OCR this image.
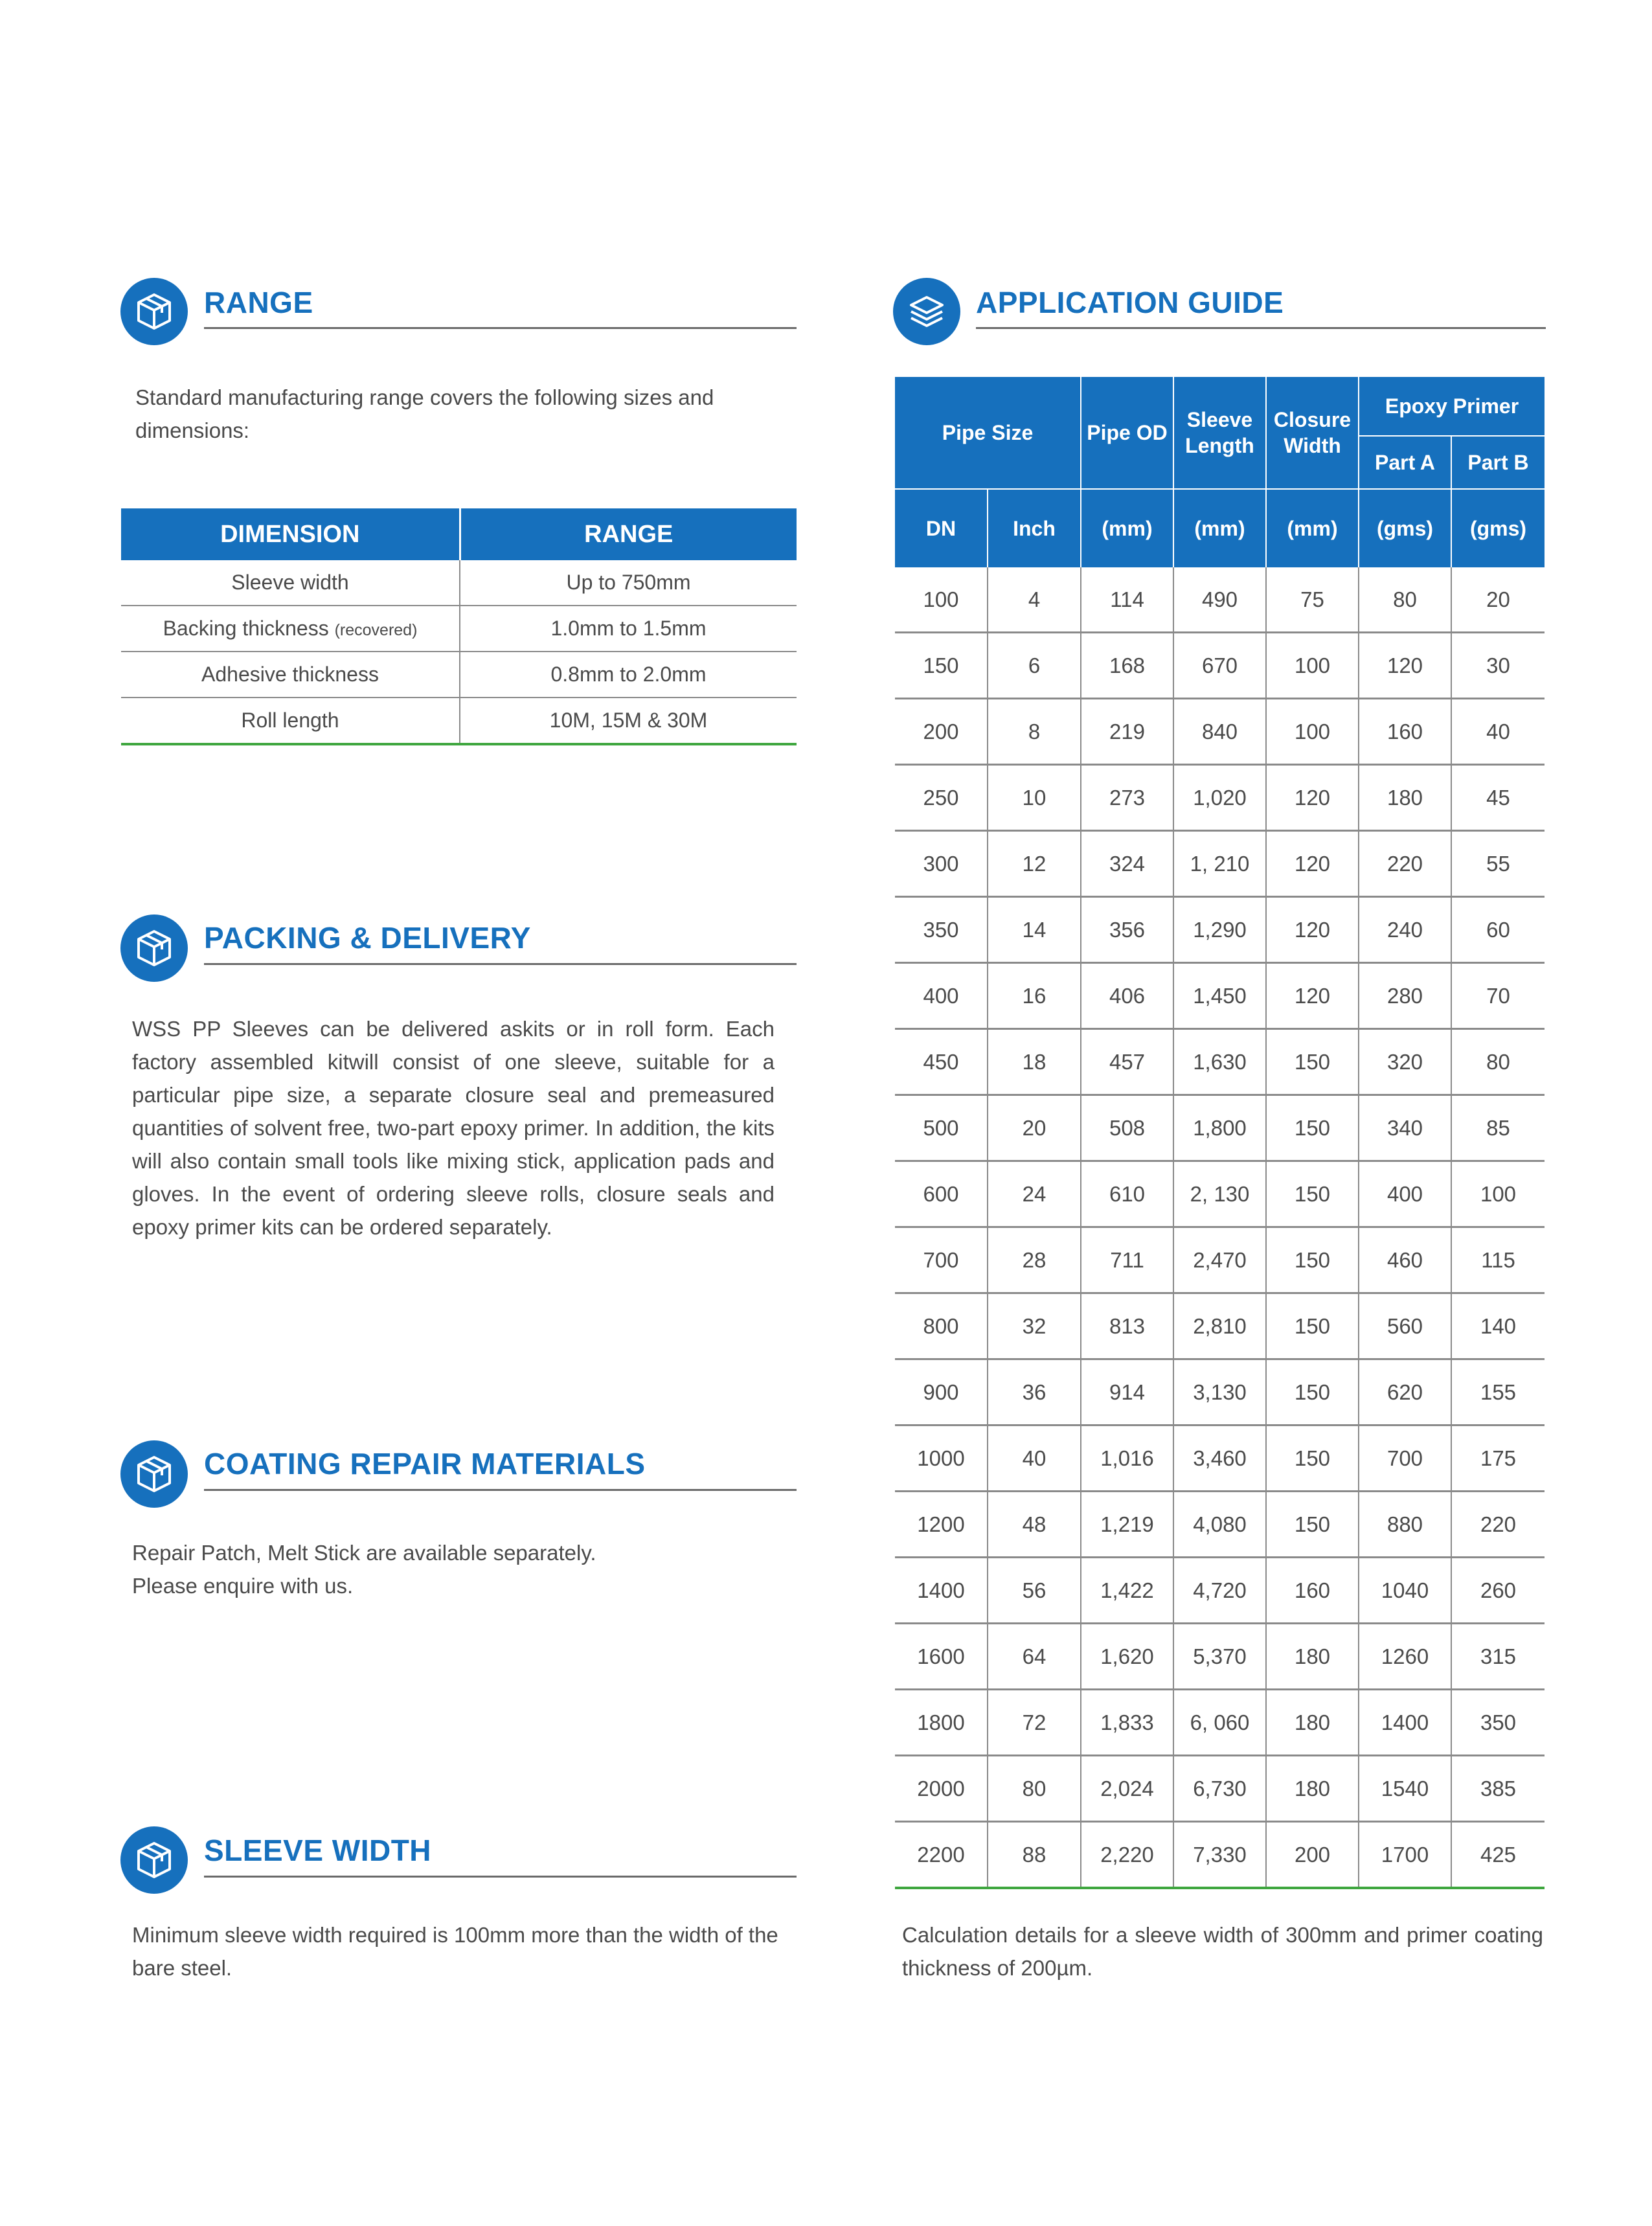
RANGE
Standard manufacturing range covers the following sizes and dimensions:
DIMENSION	RANGE
Sleeve width	Up to 750mm
Backing thickness (recovered)	1.0mm to 1.5mm
Adhesive thickness	0.8mm to 2.0mm
Roll length	10M, 15M & 30M
PACKING & DELIVERY
WSS PP Sleeves can be delivered askits or in roll form. Each factory assembled kitwill consist of one sleeve, suitable for a particular pipe size, a separate closure seal and premeasured quantities of solvent free, two-part epoxy primer. In addition, the kits will also contain small tools like mixing stick, application pads and gloves. In the event of ordering sleeve rolls, closure seals and epoxy primer kits can be ordered separately.
COATING REPAIR MATERIALS

Repair Patch, Melt Stick are available separately.

Please enquire with us.

SLEEVE WIDTH
Minimum sleeve width required is 100mm more than the width of the bare steel.
APPLICATION GUIDE
Pipe Size		Pipe OD	Sleeve Length	Closure Width	Epoxy Primer	
					Part A	Part B
DN	Inch	(mm)	(mm)	(mm)	(gms)	(gms)
100	4	114	490	75	80	20
150	6	168	670	100	120	30
200	8	219	840	100	160	40
250	10	273	1,020	120	180	45
300	12	324	1, 210	120	220	55
350	14	356	1,290	120	240	60
400	16	406	1,450	120	280	70
450	18	457	1,630	150	320	80
500	20	508	1,800	150	340	85
600	24	610	2, 130	150	400	100
700	28	711	2,470	150	460	115
800	32	813	2,810	150	560	140
900	36	914	3,130	150	620	155
1000	40	1,016	3,460	150	700	175
1200	48	1,219	4,080	150	880	220
1400	56	1,422	4,720	160	1040	260
1600	64	1,620	5,370	180	1260	315
1800	72	1,833	6, 060	180	1400	350
2000	80	2,024	6,730	180	1540	385
2200	88	2,220	7,330	200	1700	425
Calculation details for a sleeve width of 300mm and primer coating thickness of 200µm.
